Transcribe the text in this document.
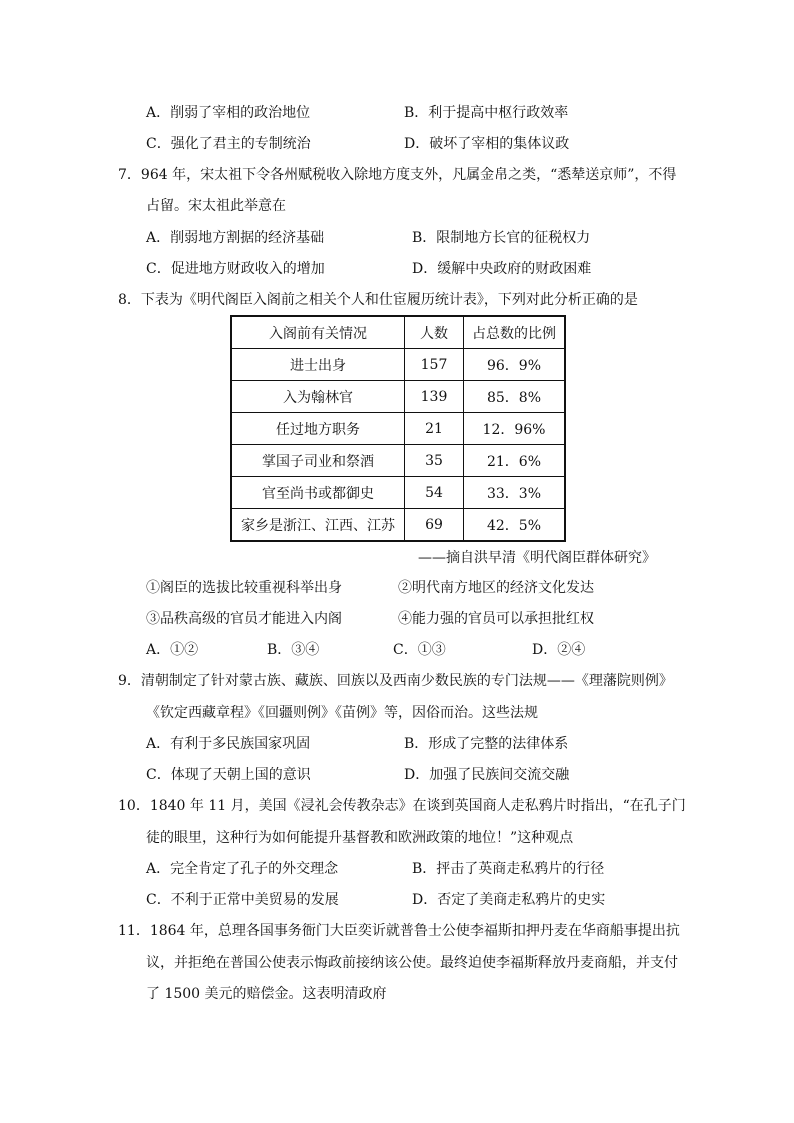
A．削弱了宰相的政治地位	B．利于提高中枢行政效率
C．强化了君主的专制统治	D．破坏了宰相的集体议政
7．964 年，宋太祖下令各州赋税收入除地方度支外，凡属金帛之类，“悉辇送京师”，不得
占留。宋太祖此举意在
A．削弱地方割据的经济基础	B．限制地方长官的征税权力
C．促进地方财政收入的增加	D．缓解中央政府的财政困难
8．下表为《明代阁臣入阁前之相关个人和仕宦履历统计表》，下列对此分析正确的是
入阁前有关情况	人数	占总数的比例
进士出身	157	96．9%
入为翰林官	139	85．8%
任过地方职务	21	12．96%
掌国子司业和祭酒	35	21．6%
官至尚书或都御史	54	33．3%
家乡是浙江、江西、江苏	69	42．5%
——摘自洪早清《明代阁臣群体研究》
①阁臣的选拔比较重视科举出身	②明代南方地区的经济文化发达
③品秩高级的官员才能进入内阁	④能力强的官员可以承担批红权
A．①②	B．③④	C．①③	D．②④
9．清朝制定了针对蒙古族、藏族、回族以及西南少数民族的专门法规——《理藩院则例》
《钦定西藏章程》《回疆则例》《苗例》等，因俗而治。这些法规
A．有利于多民族国家巩固	B．形成了完整的法律体系
C．体现了天朝上国的意识	D．加强了民族间交流交融
10．1840 年 11 月，美国《浸礼会传教杂志》在谈到英国商人走私鸦片时指出，“在孔子门
徒的眼里，这种行为如何能提升基督教和欧洲政策的地位！”这种观点
A．完全肯定了孔子的外交理念	B．抨击了英商走私鸦片的行径
C．不利于正常中美贸易的发展	D．否定了美商走私鸦片的史实
11．1864 年，总理各国事务衙门大臣奕䜣就普鲁士公使李福斯扣押丹麦在华商船事提出抗
议，并拒绝在普国公使表示悔政前接纳该公使。最终迫使李福斯释放丹麦商船，并支付
了 1500 美元的赔偿金。这表明清政府
